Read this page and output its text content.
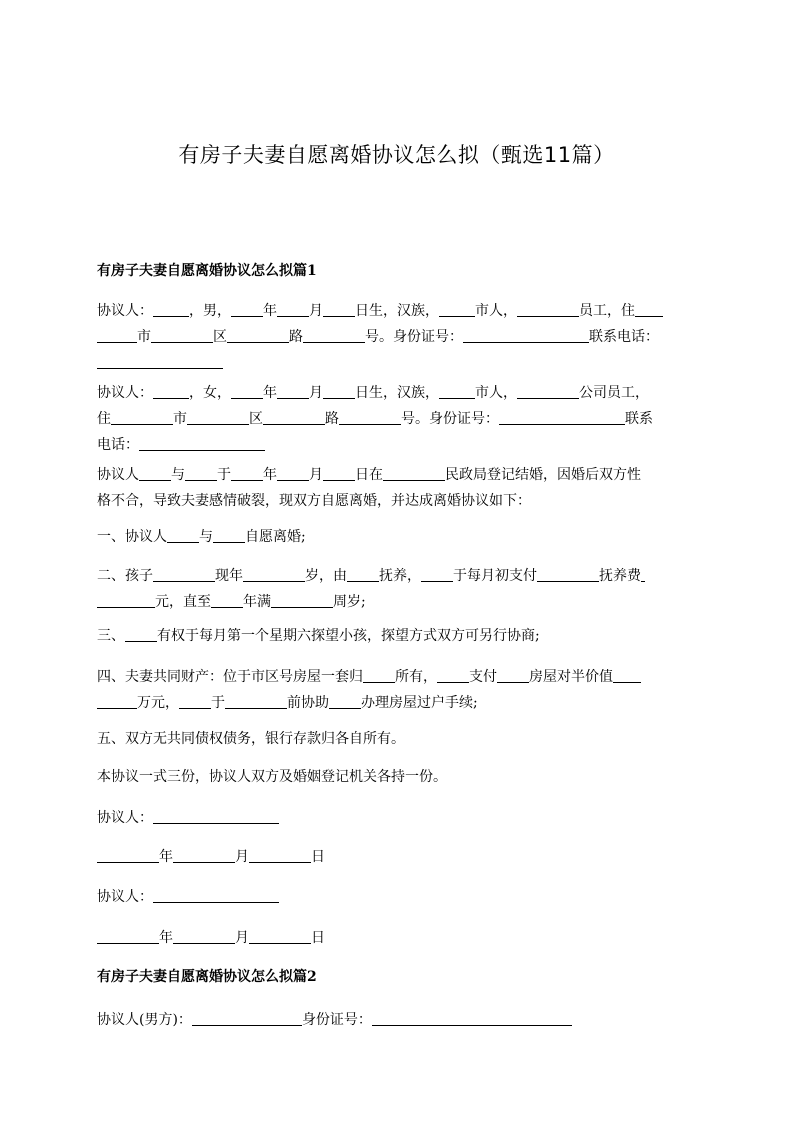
有房子夫妻自愿离婚协议怎么拟（甄选11篇）
有房子夫妻自愿离婚协议怎么拟篇1
协议人：	，男， 年 月 日生，汉族，	市人，	员工，住
市	区	路	号。身份证号：	联系电话：

协议人：	，女， 年 月 日生，汉族，	市人，	公司员工，
住	市	区	路	号。身份证号：	联系
电话：
协议人 与 于 年 月 日在	民政局登记结婚，因婚后双方性
格不合，导致夫妻感情破裂，现双方自愿离婚，并达成离婚协议如下：
一、协议人 与 自愿离婚;
二、孩子	现年	岁，由 抚养， 于每月初支付	抚养费
元，直至 年满	周岁;
三、 有权于每月第一个星期六探望小孩，探望方式双方可另行协商;
四、夫妻共同财产：位于市区号房屋一套归 所有， 支付 房屋对半价值
万元， 于	前协助 办理房屋过户手续;
五、双方无共同债权债务，银行存款归各自所有。
本协议一式三份，协议人双方及婚姻登记机关各持一份。
协议人：
年	月	日
协议人：
年	月	日
有房子夫妻自愿离婚协议怎么拟篇2
协议人(男方)：	身份证号：
